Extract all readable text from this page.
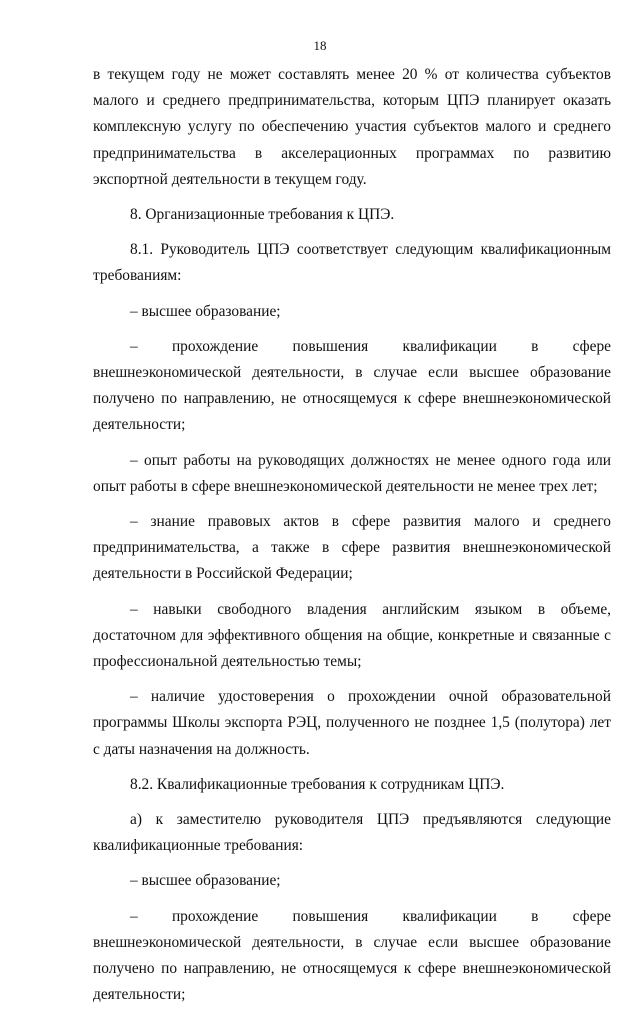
18

в текущем году не может составлять менее 20 % от количества субъектов малого и среднего предпринимательства, которым ЦПЭ планирует оказать комплексную услугу по обеспечению участия субъектов малого и среднего предпринимательства в акселерационных программах по развитию экспортной деятельности в текущем году.

8. Организационные требования к ЦПЭ.

8.1. Руководитель ЦПЭ соответствует следующим квалификационным требованиям:

– высшее образование;

– прохождение повышения квалификации в сфере внешнеэкономической деятельности, в случае если высшее образование получено по направлению, не относящемуся к сфере внешнеэкономической деятельности;

– опыт работы на руководящих должностях не менее одного года или опыт работы в сфере внешнеэкономической деятельности не менее трех лет;

– знание правовых актов в сфере развития малого и среднего предпринимательства, а также в сфере развития внешнеэкономической деятельности в Российской Федерации;

– навыки свободного владения английским языком в объеме, достаточном для эффективного общения на общие, конкретные и связанные с профессиональной деятельностью темы;

– наличие удостоверения о прохождении очной образовательной программы Школы экспорта РЭЦ, полученного не позднее 1,5 (полутора) лет с даты назначения на должность.

8.2. Квалификационные требования к сотрудникам ЦПЭ.

а) к заместителю руководителя ЦПЭ предъявляются следующие квалификационные требования:

– высшее образование;

– прохождение повышения квалификации в сфере внешнеэкономической деятельности, в случае если высшее образование получено по направлению, не относящемуся к сфере внешнеэкономической деятельности;
